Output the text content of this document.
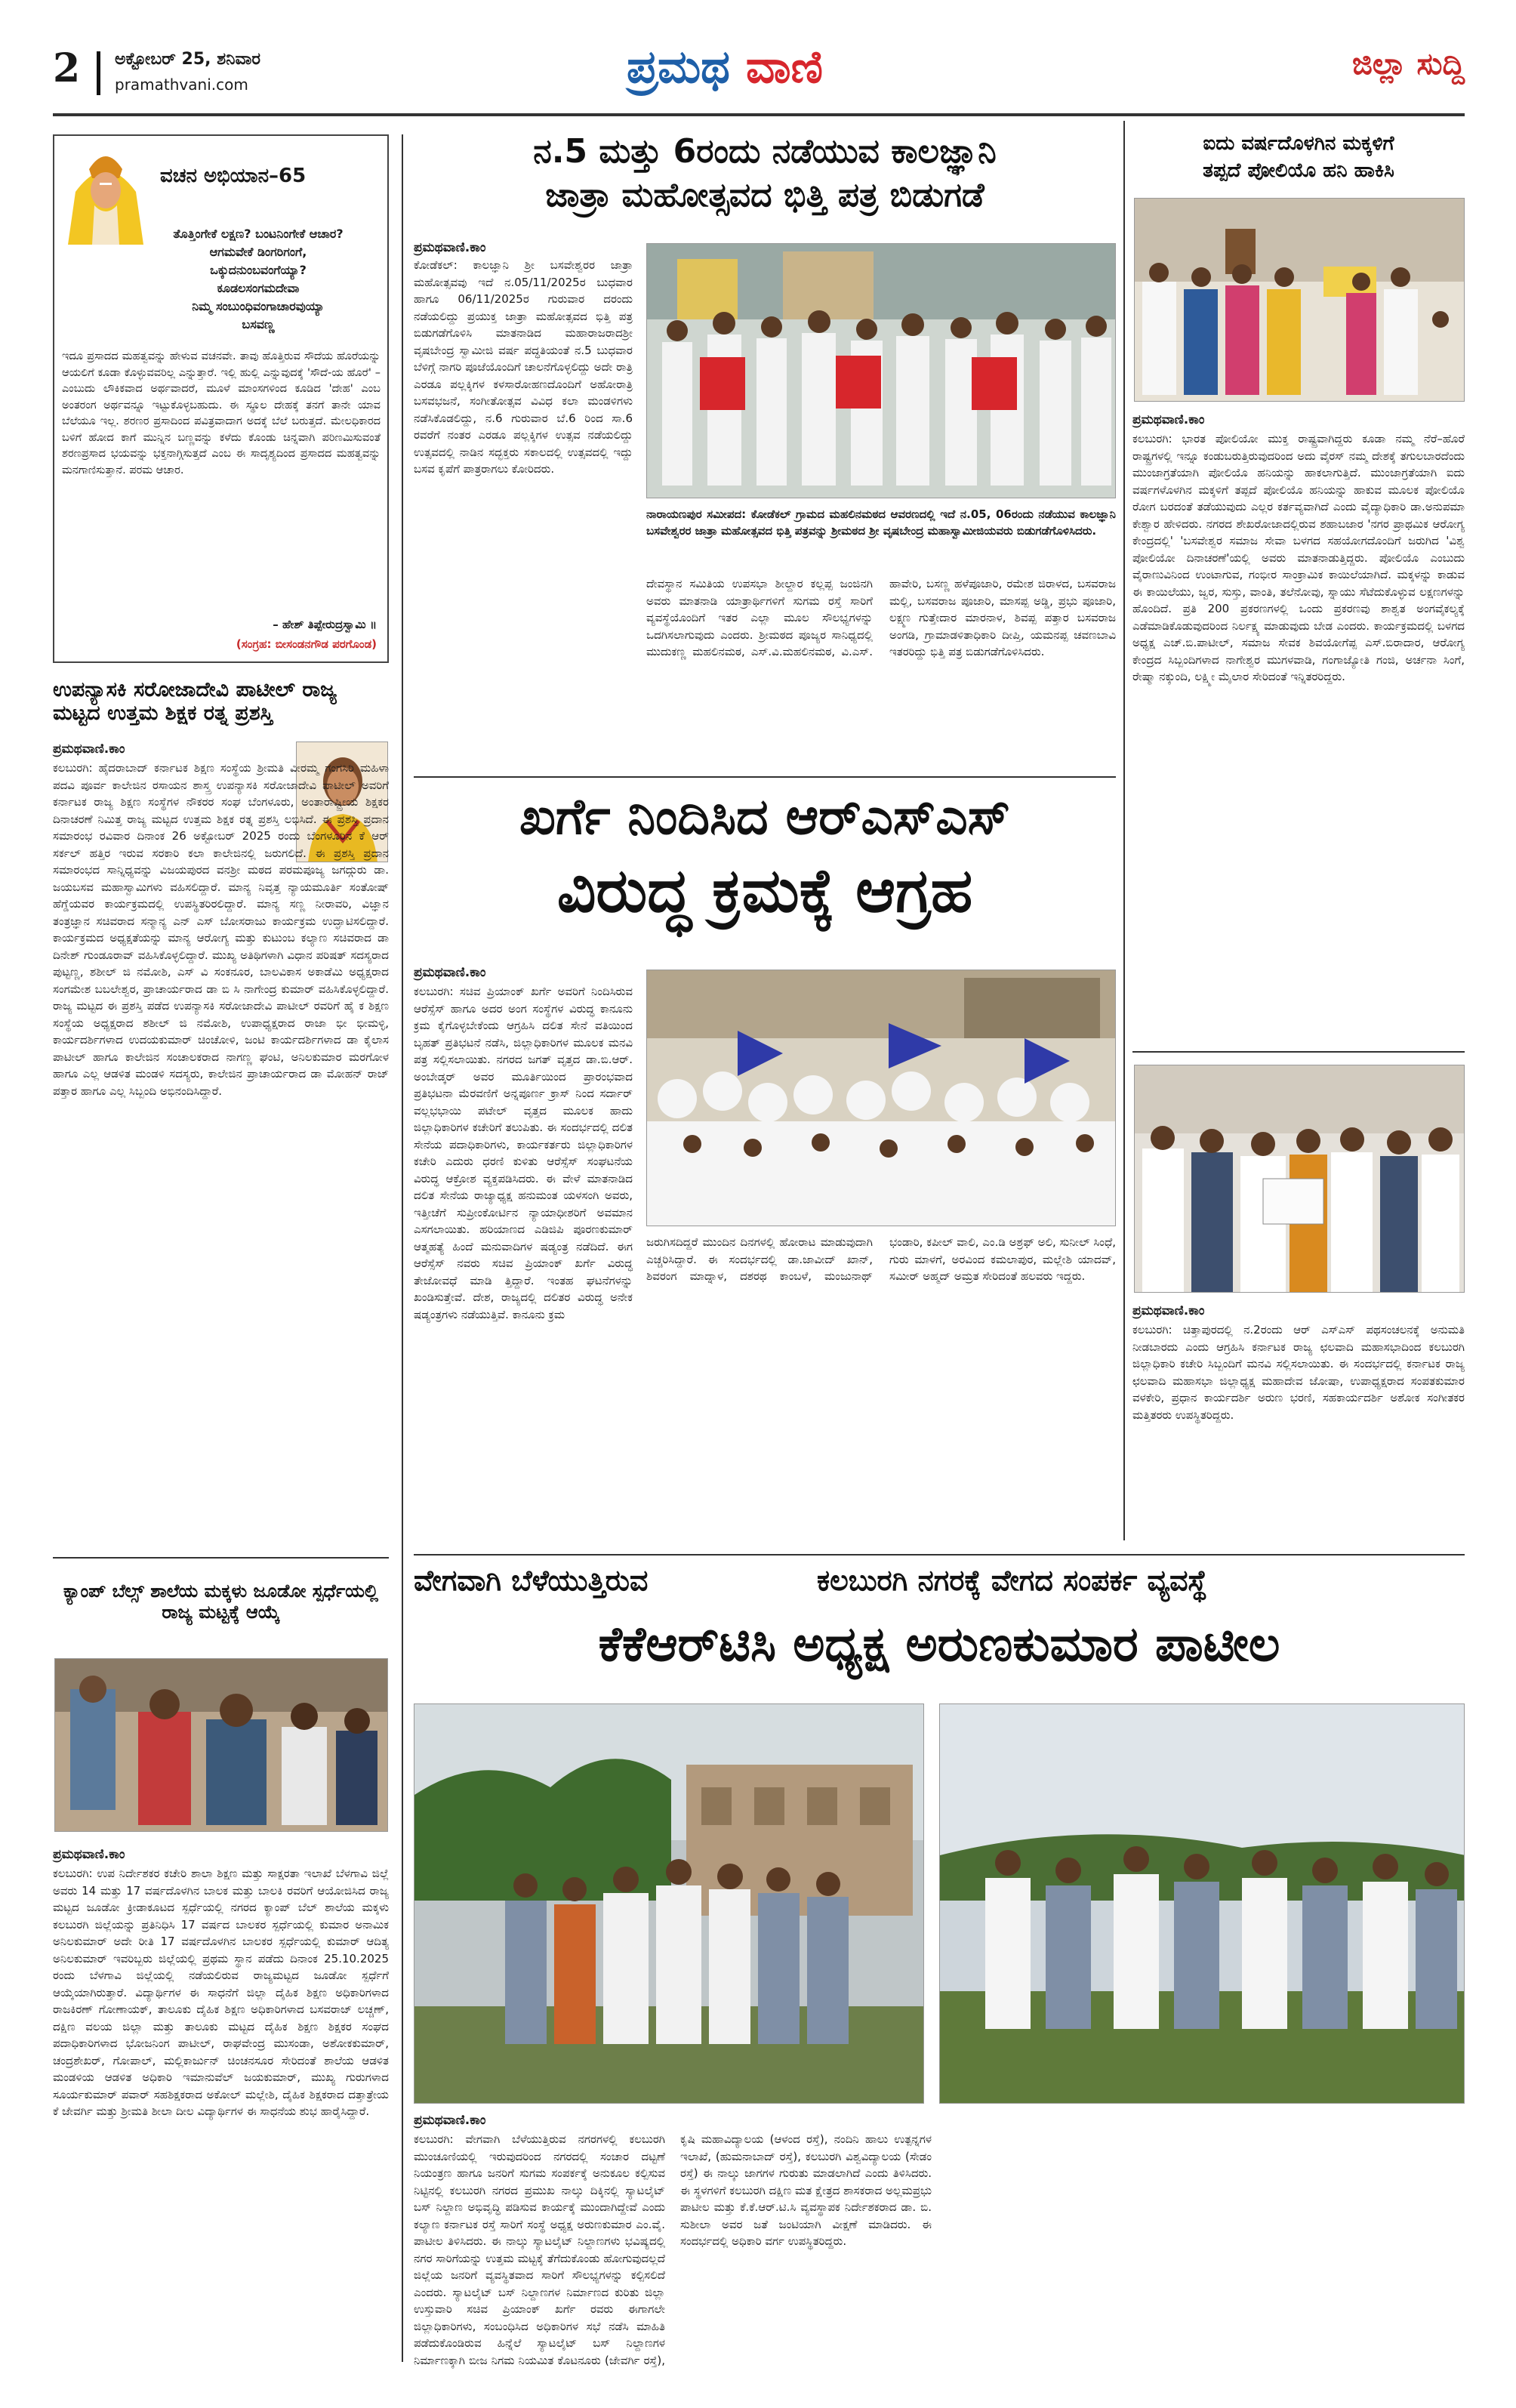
2 ಅಕ್ಟೋಬರ್ 25, ಶನಿವಾರ
pramathvani.com	ಪ್ರಮಥ ವಾಣಿ	ಜಿಲ್ಲಾ ಸುದ್ದಿ
ವಚನ ಅಭಿಯಾನ–65
ತೊತ್ತಿಂಗೇಕೆ ಲಕ್ಷಣ? ಬಂಟನಿಂಗೇಕೆ ಆಚಾರ?
ಆಗಮವೇಕೆ ಡಿಂಗರಿಗಂಗೆ,
ಒಕ್ಕುದನುಂಬವಂಗೆಯ್ಯಾ?
ಕೂಡಲಸಂಗಮದೇವಾ
ನಿಮ್ಮ ಸಂಬುಂಧಿವಂಗಾಚಾರವುಯ್ಯಾ
ಬಸವಣ್ಣ
ಇದೂ ಪ್ರಸಾದದ ಮಹತ್ವವನ್ನು ಹೇಳುವ ವಚನವೇ. ತಾವು ಹೊತ್ತಿರುವ ಸೌದೆಯ ಹೊರೆಯನ್ನು ಆಯಲಿಗೆ ಕೂಡಾ ಕೊಳ್ಳುವವರಿಲ್ಲ ಎನ್ನುತ್ತಾರೆ. ಇಲ್ಲಿ ಹುಲ್ಲಿ ಎನ್ನುವುದಕ್ಕೆ 'ಸೌದೆ-ಯ ಹೊರೆ' – ಎಂಬುದು ಲೌಕಿಕವಾದ ಅರ್ಥವಾದರೆ, ಮೂಳೆ ಮಾಂಸಗಳಿಂದ ಕೂಡಿದ 'ದೇಹ' ಎಂಬ ಅಂತರಂಗ ಅರ್ಥವನ್ನೂ ಇಟ್ಟುಕೊಳ್ಳಬಹುದು. ಈ ಸ್ಥೂಲ ದೇಹಕ್ಕೆ ತನಗೆ ತಾನೇ ಯಾವ ಬೆಲೆಯೂ ಇಲ್ಲ. ಶರಣರ ಪ್ರಸಾದಿಂದ ಪವಿತ್ರವಾದಾಗ ಅದಕ್ಕೆ ಬೆಲೆ ಬರುತ್ತದೆ. ಮೇಲಧಿಕಾರದ ಬಳಿಗೆ ಹೋದ ಕಾಗೆ ಮುನ್ನಿನ ಬಣ್ಣವನ್ನು ಕಳೆದು ಕೊಂಡು ಚಿನ್ನವಾಗಿ ಪರಿಣಮಿಸುವಂತೆ ಶರಣಪ್ರಸಾದ ಭಯವನ್ನು ಭಕ್ತನಾಗ್ಗಿಸುತ್ತದೆ ಎಂಬ ಈ ಸಾದೃಶ್ಯದಿಂದ ಪ್ರಸಾದದ ಮಹತ್ವವನ್ನು ಮನಗಾಣಿಸುತ್ತಾನೆ. ಪರಮ ಆಚಾರ.
– ಹೇಶ್ ತಿಪ್ಪೇರುದ್ರಸ್ವಾಮಿ ॥
(ಸಂಗ್ರಹ: ಬೀಸಂಡನಗೌಡ ಪರಗೊಂಡ)
ಉಪನ್ಯಾಸಕಿ ಸರೋಜಾದೇವಿ ಪಾಟೀಲ್ ರಾಜ್ಯ ಮಟ್ಟದ ಉತ್ತಮ ಶಿಕ್ಷಕ ರತ್ನ ಪ್ರಶಸ್ತಿ
ಪ್ರಮಥವಾಣಿ.ಕಾಂ
ಕಲಬುರಗಿ: ಹೈದರಾಬಾದ್ ಕರ್ನಾಟಕ ಶಿಕ್ಷಣ ಸಂಸ್ಥೆಯ ಶ್ರೀಮತಿ ವೀರಮ್ಮ ಗಂಗಸಿರಿ ಮಹಿಳಾ ಪದವಿ ಪೂರ್ವ ಕಾಲೇಜಿನ ರಸಾಯನ ಶಾಸ್ತ್ರ ಉಪನ್ಯಾಸಕಿ ಸರೋಜಾದೇವಿ ಪಾಟೀಲ್ ಅವರಿಗೆ ಕರ್ನಾಟಕ ರಾಜ್ಯ ಶಿಕ್ಷಣ ಸಂಸ್ಥೆಗಳ ನೌಕರರ ಸಂಘ ಬೆಂಗಳೂರು, ಅಂತಾರಾಷ್ಟ್ರೀಯ ಶಿಕ್ಷಕರ ದಿನಾಚರಣೆ ನಿಮಿತ್ತ ರಾಜ್ಯ ಮಟ್ಟದ ಉತ್ತಮ ಶಿಕ್ಷಕ ರತ್ನ ಪ್ರಶಸ್ತಿ ಲಭಿಸಿದೆ. ಈ ಪ್ರಶಸ್ತಿ ಪ್ರದಾನ ಸಮಾರಂಭ ರವಿವಾರ ದಿನಾಂಕ 26 ಅಕ್ಟೋಬರ್ 2025 ರಂದು ಬೆಂಗಳೂರಿನ ಕೆ ಆರ್ ಸರ್ಕಲ್ ಹತ್ತಿರ ಇರುವ ಸರಕಾರಿ ಕಲಾ ಕಾಲೇಜಿನಲ್ಲಿ ಜರುಗಲಿದೆ. ಈ ಪ್ರಶಸ್ತಿ ಪ್ರದಾನ ಸಮಾರಂಭದ ಸಾನ್ನಿಧ್ಯವನ್ನು ವಿಜಯಪುರದ ವನಶ್ರೀ ಮಠದ ಪರಮಪೂಜ್ಯ ಜಗದ್ಗುರು ಡಾ. ಜಯಬಸವ ಮಹಾಸ್ವಾಮಿಗಳು ವಹಿಸಲಿದ್ದಾರೆ. ಮಾನ್ಯ ನಿವೃತ್ತ ನ್ಯಾಯಮೂರ್ತಿ ಸಂತೋಷ್ ಹೆಗ್ಡೆಯವರ ಕಾರ್ಯಕ್ರಮದಲ್ಲಿ ಉಪಸ್ಥಿತರಿರಲಿದ್ದಾರೆ. ಮಾನ್ಯ ಸಣ್ಣ ನೀರಾವರಿ, ವಿಜ್ಞಾನ ತಂತ್ರಜ್ಞಾನ ಸಚಿವರಾದ ಸನ್ಮಾನ್ಯ ಎನ್ ಎಸ್ ಬೋಸರಾಜು ಕಾರ್ಯಕ್ರಮ ಉದ್ಘಾಟಿಸಲಿದ್ದಾರೆ. ಕಾರ್ಯಕ್ರಮದ ಅಧ್ಯಕ್ಷತೆಯನ್ನು ಮಾನ್ಯ ಆರೋಗ್ಯ ಮತ್ತು ಕುಟುಂಬ ಕಲ್ಯಾಣ ಸಚಿವರಾದ ಡಾ ದಿನೇಶ್ ಗುಂಡೂರಾವ್ ವಹಿಸಿಕೊಳ್ಳಲಿದ್ದಾರೆ. ಮುಖ್ಯ ಅತಿಥಿಗಳಾಗಿ ವಿಧಾನ ಪರಿಷತ್ ಸದಸ್ಯರಾದ ಪುಟ್ಟಣ್ಣ, ಶಶೀಲ್ ಜಿ ನಮೋಶಿ, ಎಸ್ ವಿ ಸಂಕನೂರ, ಬಾಲವಿಕಾಸ ಅಕಾಡೆಮಿ ಅಧ್ಯಕ್ಷರಾದ ಸಂಗಮೇಶ ಬಬಲೇಶ್ವರ, ಪ್ರಾಚಾರ್ಯರಾದ ಡಾ ಬಿ ಸಿ ನಾಗೇಂದ್ರ ಕುಮಾರ್ ವಹಿಸಿಕೊಳ್ಳಲಿದ್ದಾರೆ. ರಾಜ್ಯ ಮಟ್ಟದ ಈ ಪ್ರಶಸ್ತಿ ಪಡೆದ ಉಪನ್ಯಾಸಕಿ ಸರೋಜಾದೇವಿ ಪಾಟೀಲ್ ರವರಿಗೆ ಹೈ ಕ ಶಿಕ್ಷಣ ಸಂಸ್ಥೆಯ ಅಧ್ಯಕ್ಷರಾದ ಶಶೀಲ್ ಜಿ ನಮೋಶಿ, ಉಪಾಧ್ಯಕ್ಷರಾದ ರಾಜಾ ಭೀ ಭೀಮಳ್ಳಿ, ಕಾರ್ಯದರ್ಶಿಗಳಾದ ಉದಯಕುಮಾರ್ ಚಿಂಚೋಳಿ, ಜಂಟಿ ಕಾರ್ಯದರ್ಶಿಗಳಾದ ಡಾ ಕೈಲಾಸ ಪಾಟೀಲ್ ಹಾಗೂ ಕಾಲೇಜಿನ ಸಂಚಾಲಕರಾದ ನಾಗಣ್ಣ ಘಂಟಿ, ಅನಿಲಕುಮಾರ ಮರಗೋಳ ಹಾಗೂ ಎಲ್ಲ ಆಡಳಿತ ಮಂಡಳಿ ಸದಸ್ಯರು, ಕಾಲೇಜಿನ ಪ್ರಾಚಾರ್ಯರಾದ ಡಾ ಮೋಹನ್ ರಾಜ್ ಪತ್ತಾರ ಹಾಗೂ ಎಲ್ಲ ಸಿಬ್ಬಂದಿ ಅಭಿನಂದಿಸಿದ್ದಾರೆ.
ಕ್ಯಾಂಪ್ ಬೆಲ್ಸ್ ಶಾಲೆಯ ಮಕ್ಕಳು ಜೂಡೋ ಸ್ಪರ್ಧೆಯಲ್ಲಿ ರಾಜ್ಯ ಮಟ್ಟಕ್ಕೆ ಆಯ್ಕೆ
ಪ್ರಮಥವಾಣಿ.ಕಾಂ
ಕಲಬುರಗಿ: ಉಪ ನಿರ್ದೇಶಕರ ಕಚೇರಿ ಶಾಲಾ ಶಿಕ್ಷಣ ಮತ್ತು ಸಾಕ್ಷರತಾ ಇಲಾಖೆ ಬೆಳಗಾವಿ ಜಿಲ್ಲೆ ಅವರು 14 ಮತ್ತು 17 ವರ್ಷದೊಳಗಿನ ಬಾಲಕ ಮತ್ತು ಬಾಲಕಿ ರವರಿಗೆ ಆಯೋಜಿಸಿದ ರಾಜ್ಯ ಮಟ್ಟದ ಜೂಡೋ ಕ್ರೀಡಾಕೂಟದ ಸ್ಪರ್ಧೆಯಲ್ಲಿ ನಗರದ ಕ್ಯಾಂಪ್ ಬೆಲ್ ಶಾಲೆಯ ಮಕ್ಕಳು ಕಲಬುರಗಿ ಜಿಲ್ಲೆಯನ್ನು ಪ್ರತಿನಿಧಿಸಿ 17 ವರ್ಷದ ಬಾಲಕರ ಸ್ಪರ್ಧೆಯಲ್ಲಿ ಕುಮಾರ ಅನಾಮಿಕ ಅನಿಲಕುಮಾರ್ ಅದೇ ರೀತಿ 17 ವರ್ಷದೊಳಗಿನ ಬಾಲಕರ ಸ್ಪರ್ಧೆಯಲ್ಲಿ ಕುಮಾರ್ ಆದಿತ್ಯ ಅನಿಲಕುಮಾರ್ ಇವರಿಬ್ಬರು ಜಿಲ್ಲೆಯಲ್ಲಿ ಪ್ರಥಮ ಸ್ಥಾನ ಪಡೆದು ದಿನಾಂಕ 25.10.2025 ರಂದು ಬೆಳಗಾವಿ ಜಿಲ್ಲೆಯಲ್ಲಿ ನಡೆಯಲಿರುವ ರಾಜ್ಯಮಟ್ಟದ ಜೂಡೋ ಸ್ಪರ್ಧೆಗೆ ಆಯ್ಕೆಯಾಗಿರುತ್ತಾರೆ. ವಿದ್ಯಾರ್ಥಿಗಳ ಈ ಸಾಧನೆಗೆ ಜಿಲ್ಲಾ ದೈಹಿಕ ಶಿಕ್ಷಣ ಅಧಿಕಾರಿಗಳಾದ ರಾಜಕಿರಣ್ ಗೋಣಾಯಕ್, ತಾಲೂಕು ದೈಹಿಕ ಶಿಕ್ಷಣ ಅಧಿಕಾರಿಗಳಾದ ಬಸವರಾಜ್ ಲಚ್ಚಣ್, ದಕ್ಷಿಣ ವಲಯ ಜಿಲ್ಲಾ ಮತ್ತು ತಾಲೂಕು ಮಟ್ಟದ ದೈಹಿಕ ಶಿಕ್ಷಣ ಶಿಕ್ಷಕರ ಸಂಘದ ಪದಾಧಿಕಾರಿಗಳಾದ ಭೋಜನಿಂಗ ಪಾಟೀಲ್, ರಾಘವೇಂದ್ರ ಮುಸಂಡಾ, ಅಶೋಕಕುಮಾರ್, ಚಂದ್ರಶೇಖರ್, ಗೋಪಾಲ್, ಮಲ್ಲಿಕಾರ್ಜುನ್ ಚಿಂಚನಸೂರ ಸೇರಿದಂತೆ ಶಾಲೆಯ ಆಡಳಿತ ಮಂಡಳಿಯ ಆಡಳಿತ ಅಧಿಕಾರಿ ಇಮಾನುವೆಲ್ ಜಯಕುಮಾರ್, ಮುಖ್ಯ ಗುರುಗಳಾದ ಸೂರ್ಯಕುಮಾರ್ ಪವಾರ್ ಸಹಶಿಕ್ಷಕರಾದ ಅಕೋಲ್ ಮಲ್ಲೇಶಿ, ದೈಹಿಕ ಶಿಕ್ಷಕರಾದ ದತ್ತಾತ್ರೇಯ ಕೆ ಜೇವರ್ಗಿ ಮತ್ತು ಶ್ರೀಮತಿ ಶೀಲಾ ದೀಲ ವಿದ್ಯಾರ್ಥಿಗಳ ಈ ಸಾಧನೆಯ ಶುಭ ಹಾರೈಸಿದ್ದಾರೆ.
ನ.5 ಮತ್ತು 6ರಂದು ನಡೆಯುವ ಕಾಲಜ್ಞಾನಿ
ಜಾತ್ರಾ ಮಹೋತ್ಸವದ ಭಿತ್ತಿ ಪತ್ರ ಬಿಡುಗಡೆ
ಪ್ರಮಥವಾಣಿ.ಕಾಂ
ಕೋಡೆಕಲ್: ಕಾಲಜ್ಞಾನಿ ಶ್ರೀ ಬಸವೇಶ್ವರರ ಜಾತ್ರಾ ಮಹೋತ್ಸವವು ಇದೆ ನ.05/11/2025ರ ಬುಧವಾರ ಹಾಗೂ 06/11/2025ರ ಗುರುವಾರ ದರಂದು ನಡೆಯಲಿದ್ದು ಪ್ರಯುಕ್ತ ಜಾತ್ರಾ ಮಹೋತ್ಸವದ ಭಿತ್ತಿ ಪತ್ರ ಬಿಡುಗಡೆಗೊಳಿಸಿ ಮಾತನಾಡಿದ ಮಹಾರಾಜರಾದಶ್ರೀ ವೃಷಬೇಂದ್ರ ಸ್ವಾಮೀಜಿ ವರ್ಷ ಪದ್ಧತಿಯಂತೆ ನ.5 ಬುಧವಾರ ಬೆಳಿಗ್ಗೆ ನಾಗರಿ ಪೂಜೆಯೊಂದಿಗೆ ಚಾಲನೆಗೊಳ್ಳಲಿದ್ದು ಅದೇ ರಾತ್ರಿ ಎರಡೂ ಪಲ್ಲಕ್ಕಿಗಳ ಕಳಸಾರೋಹಣದೊಂದಿಗೆ ಅಹೋರಾತ್ರಿ ಬಸವಭಜನೆ, ಸಂಗೀತೋತ್ಸವ ವಿವಿಧ ಕಲಾ ಮಂಡಳಿಗಳು ನಡೆಸಿಕೊಡಲಿದ್ದು, ನ.6 ಗುರುವಾರ ಬೆ.6 ರಿಂದ ಸಾ.6 ರವರೆಗೆ ನಂತರ ಎರಡೂ ಪಲ್ಲಕ್ಕಿಗಳ ಉತ್ಸವ ನಡೆಯಲಿದ್ದು ಉತ್ಸವದಲ್ಲಿ ನಾಡಿನ ಸದ್ಭಕ್ತರು ಸಕಾಲದಲ್ಲಿ ಉತ್ಸವದಲ್ಲಿ ಇದ್ದು ಬಸವ ಕೃಪೆಗೆ ಪಾತ್ರರಾಗಲು ಕೋರಿದರು.
ನಾರಾಯಣಪುರ ಸಮೀಪದ: ಕೋಡೆಕಲ್ ಗ್ರಾಮದ ಮಹಲಿನಮಠದ ಆವರಣದಲ್ಲಿ ಇದೆ ನ.05, 06ರಂದು ನಡೆಯುವ ಕಾಲಜ್ಞಾನಿ ಬಸವೇಶ್ವರರ ಜಾತ್ರಾ ಮಹೋತ್ಸವದ ಭಿತ್ತಿ ಪತ್ರವನ್ನು ಶ್ರೀಮಠದ ಶ್ರೀ ವೃಷಬೇಂದ್ರ ಮಹಾಸ್ವಾಮೀಜಿಯವರು ಬಿಡುಗಡೆಗೊಳಿಸಿದರು.
ದೇವಸ್ಥಾನ ಸಮಿತಿಯ ಉಪಸಭಾ ಶೀಲ್ದಾರ ಕಲ್ಲಪ್ಪ ಜಂಜಿನಗಿ ಅವರು ಮಾತನಾಡಿ ಯಾತ್ರಾರ್ಥಿಗಳಿಗೆ ಸುಗಮ ರಸ್ತೆ ಸಾರಿಗೆ ವ್ಯವಸ್ಥೆಯೊಂದಿಗೆ ಇತರ ಎಲ್ಲಾ ಮೂಲ ಸೌಲಭ್ಯಗಳನ್ನು ಒದಗಿಸಲಾಗುವುದು ಎಂದರು. ಶ್ರೀಮಠದ ಪೂಜ್ಯರ ಸಾನಿಧ್ಯದಲ್ಲಿ ಮುದುಕಣ್ಣ ಮಹಲಿನಮಠ, ಎಸ್.ವಿ.ಮಹಲಿನಮಠ, ವಿ.ಎಸ್. ಹಾವೇರಿ, ಬಸಣ್ಣ ಹಳೆಪೂಜಾರಿ, ರಮೇಶ ಜಿರಾಳದ, ಬಸವರಾಜ ಮಲ್ಲಿ, ಬಸವರಾಜ ಪೂಜಾರಿ, ಮಾಸಪ್ಪ ಅಡ್ಡಿ, ಪ್ರಭು ಪೂಜಾರಿ, ಲಕ್ಷ್ಮಣ ಗುತ್ತೇದಾರ ಮಾರನಾಳ, ಶಿವಪ್ಪ ಪತ್ತಾರ ಬಸವರಾಜ ಅಂಗಡಿ, ಗ್ರಾಮಾಡಳಿತಾಧಿಕಾರಿ ದೀಪ್ತಿ, ಯಮನಪ್ಪ ಚವಣಬಾವಿ ಇತರರಿದ್ದು ಭಿತ್ತಿ ಪತ್ರ ಬಿಡುಗಡೆಗೊಳಿಸಿದರು.
ಖರ್ಗೆ ನಿಂದಿಸಿದ ಆರ್‌ಎಸ್‌ಎಸ್
ವಿರುದ್ಧ ಕ್ರಮಕ್ಕೆ ಆಗ್ರಹ
ಪ್ರಮಥವಾಣಿ.ಕಾಂ
ಕಲಬುರಗಿ: ಸಚಿವ ಪ್ರಿಯಾಂಕ್ ಖರ್ಗೆ ಅವರಿಗೆ ನಿಂದಿಸಿರುವ ಆರೆಸ್ಸೆಸ್ ಹಾಗೂ ಅದರ ಅಂಗ ಸಂಸ್ಥೆಗಳ ವಿರುದ್ಧ ಕಾನೂನು ಕ್ರಮ ಕೈಗೊಳ್ಳಬೇಕೆಂದು ಆಗ್ರಹಿಸಿ ದಲಿತ ಸೇನೆ ವತಿಯಿಂದ ಬೃಹತ್ ಪ್ರತಿಭಟನೆ ನಡೆಸಿ, ಜಿಲ್ಲಾಧಿಕಾರಿಗಳ ಮೂಲಕ ಮನವಿ ಪತ್ರ ಸಲ್ಲಿಸಲಾಯಿತು. ನಗರದ ಜಗತ್ ವೃತ್ತದ ಡಾ.ಬಿ.ಆರ್. ಅಂಬೇಡ್ಕರ್ ಅವರ ಮೂರ್ತಿಯಿಂದ ಪ್ರಾರಂಭವಾದ ಪ್ರತಿಭಟನಾ ಮೆರವಣಿಗೆ ಅನ್ನಪೂರ್ಣ ಕ್ರಾಸ್ ನಿಂದ ಸರ್ದಾರ್ ವಲ್ಲಭಭಾಯಿ ಪಟೇಲ್ ವೃತ್ತದ ಮೂಲಕ ಹಾದು ಜಿಲ್ಲಾಧಿಕಾರಿಗಳ ಕಚೇರಿಗೆ ತಲುಪಿತು. ಈ ಸಂದರ್ಭದಲ್ಲಿ ದಲಿತ ಸೇನೆಯ ಪದಾಧಿಕಾರಿಗಳು, ಕಾರ್ಯಕರ್ತರು ಜಿಲ್ಲಾಧಿಕಾರಿಗಳ ಕಚೇರಿ ಎದುರು ಧರಣಿ ಕುಳಿತು ಆರೆಸ್ಸೆಸ್ ಸಂಘಟನೆಯ ವಿರುದ್ಧ ಆಕ್ರೋಶ ವ್ಯಕ್ತಪಡಿಸಿದರು. ಈ ವೇಳೆ ಮಾತನಾಡಿದ ದಲಿತ ಸೇನೆಯ ರಾಜ್ಯಾಧ್ಯಕ್ಷ ಹನುಮಂತ ಯಳಸಂಗಿ ಅವರು, ಇತ್ತೀಚೆಗೆ ಸುಪ್ರೀಂಕೋರ್ಟಿನ ನ್ಯಾಯಾಧೀಶರಿಗೆ ಅವಮಾನ ಎಸಗಲಾಯಿತು. ಹರಿಯಾಣದ ಎಡಿಜಿಪಿ ಪೂರಣಕುಮಾರ್ ಆತ್ಮಹತ್ಯೆ ಹಿಂದೆ ಮನುವಾದಿಗಳ ಷಡ್ಯಂತ್ರ ನಡೆದಿದೆ. ಈಗ ಆರೆಸ್ಸೆಸ್ ನವರು ಸಚಿವ ಪ್ರಿಯಾಂಕ್ ಖರ್ಗೆ ವಿರುದ್ಧ ತೇಜೋವಧೆ ಮಾಡಿ ತ್ತಿದ್ದಾರೆ. ಇಂತಹ ಘಟನೆಗಳನ್ನು ಖಂಡಿಸುತ್ತೇವೆ. ದೇಶ, ರಾಜ್ಯದಲ್ಲಿ ದಲಿತರ ವಿರುದ್ಧ ಅನೇಕ ಷಡ್ಯಂತ್ರಗಳು ನಡೆಯುತ್ತಿವೆ. ಕಾನೂನು ಕ್ರಮ
ಜರುಗಿಸದಿದ್ದರೆ ಮುಂದಿನ ದಿನಗಳಲ್ಲಿ ಹೋರಾಟ ಮಾಡುವುದಾಗಿ ಎಚ್ಚರಿಸಿದ್ದಾರೆ. ಈ ಸಂದರ್ಭದಲ್ಲಿ ಡಾ.ಜಾವೀದ್ ಖಾನ್, ಶಿವರಂಗ ಮಾದ್ನಾಳ, ದಶರಥ ಕಾಂಬಳೆ, ಮಂಜುನಾಥ್ ಭಂಡಾರಿ, ಕಪೀಲ್ ವಾಲಿ, ಎಂ.ಡಿ ಅಶ್ರಫ್ ಅಲಿ, ಸುನೀಲ್ ಸಿಂಧೆ, ಗುರು ಮಾಳಗೆ, ಅರವಿಂದ ಕಮಲಾಪುರ, ಮಲ್ಲೇಶಿ ಯಾದವ್, ಸಮೀರ್ ಅಹ್ಮದ್ ಅಮ್ರತ ಸೇರಿದಂತೆ ಹಲವರು ಇದ್ದರು.
ಐದು ವರ್ಷದೊಳಗಿನ ಮಕ್ಕಳಿಗೆ
ತಪ್ಪದೆ ಪೋಲಿಯೊ ಹನಿ ಹಾಕಿಸಿ
ಪ್ರಮಥವಾಣಿ.ಕಾಂ
ಕಲಬುರಗಿ: ಭಾರತ ಪೋಲಿಯೋ ಮುಕ್ತ ರಾಷ್ಟ್ರವಾಗಿದ್ದರು ಕೂಡಾ ನಮ್ಮ ನೆರೆ–ಹೊರೆ ರಾಷ್ಟ್ರಗಳಲ್ಲಿ ಇನ್ನೂ ಕಂಡುಬರುತ್ತಿರುವುದರಿಂದ ಅದು ವೈರಸ್ ನಮ್ಮ ದೇಶಕ್ಕೆ ತಗುಲಬಾರದೆಂದು ಮುಂಜಾಗ್ರತೆಯಾಗಿ ಪೋಲಿಯೊ ಹನಿಯನ್ನು ಹಾಕಲಾಗುತ್ತಿದೆ. ಮುಂಜಾಗ್ರತೆಯಾಗಿ ಐದು ವರ್ಷಗಳೊಳಗಿನ ಮಕ್ಕಳಿಗೆ ತಪ್ಪದೆ ಪೋಲಿಯೊ ಹನಿಯನ್ನು ಹಾಕುವ ಮೂಲಕ ಪೋಲಿಯೊ ರೋಗ ಬರದಂತೆ ತಡೆಯುವುದು ಎಲ್ಲರ ಕರ್ತವ್ಯವಾಗಿದೆ ಎಂದು ವೈದ್ಯಾಧಿಕಾರಿ ಡಾ.ಅನುಪಮಾ ಕೇಶ್ವಾರ ಹೇಳಿದರು. ನಗರದ ಶೇಖರೋಜಾದಲ್ಲಿರುವ ಶಹಾಬಜಾರ 'ನಗರ ಪ್ರಾಥಮಿಕ ಆರೋಗ್ಯ ಕೇಂದ್ರದಲ್ಲಿ' 'ಬಸವೇಶ್ವರ ಸಮಾಜ ಸೇವಾ ಬಳಗದ ಸಹಯೋಗದೊಂದಿಗೆ ಜರುಗಿದ 'ವಿಶ್ವ ಪೋಲಿಯೋ ದಿನಾಚರಣೆ'ಯಲ್ಲಿ ಅವರು ಮಾತನಾಡುತ್ತಿದ್ದರು. ಪೋಲಿಯೊ ಎಂಬುದು ವೈರಾಣುವಿನಿಂದ ಉಂಟಾಗುವ, ಗಂಭೀರ ಸಾಂಕ್ರಾಮಿಕ ಕಾಯಿಲೆಯಾಗಿದೆ. ಮಕ್ಕಳನ್ನು ಕಾಡುವ ಈ ಕಾಯಿಲೆಯು, ಜ್ವರ, ಸುಸ್ತು, ವಾಂತಿ, ತಲೆನೋವು, ಸ್ನಾಯು ಸೆಟೆದುಕೊಳ್ಳುವ ಲಕ್ಷಣಗಳನ್ನು ಹೊಂದಿದೆ. ಪ್ರತಿ 200 ಪ್ರಕರಣಗಳಲ್ಲಿ ಒಂದು ಪ್ರಕರಣವು ಶಾಶ್ವತ ಅಂಗವೈಕಲ್ಯಕ್ಕೆ ಎಡೆಮಾಡಿಕೊಡುವುದರಿಂದ ನಿರ್ಲಕ್ಷ್ಯ ಮಾಡುವುದು ಬೇಡ ಎಂದರು. ಕಾರ್ಯಕ್ರಮದಲ್ಲಿ ಬಳಗದ ಅಧ್ಯಕ್ಷ ಎಚ್.ಬಿ.ಪಾಟೀಲ್, ಸಮಾಜ ಸೇವಕ ಶಿವಯೋಗೆಪ್ಪ ಎಸ್.ಬಿರಾದಾರ, ಆರೋಗ್ಯ ಕೇಂದ್ರದ ಸಿಬ್ಬಂದಿಗಳಾದ ನಾಗೇಶ್ವರ ಮುಗಳವಾಡಿ, ಗಂಗಾಜ್ಯೋತಿ ಗಂಜಿ, ಅರ್ಚನಾ ಸಿಂಗೆ, ರೇಷ್ಮಾ ನಕ್ಕುಂದಿ, ಲಕ್ಷ್ಮೀ ಮೈಲಾರ ಸೇರಿದಂತೆ ಇನ್ನಿತರರಿದ್ದರು.
ಪ್ರಮಥವಾಣಿ.ಕಾಂ
ಕಲಬುರಗಿ: ಚಿತ್ತಾಪುರದಲ್ಲಿ ನ.2ರಂದು ಆರ್ ಎಸ್‌ಎಸ್ ಪಥಸಂಚಲನಕ್ಕೆ ಅನುಮತಿ ನೀಡಬಾರದು ಎಂದು ಆಗ್ರಹಿಸಿ ಕರ್ನಾಟಕ ರಾಜ್ಯ ಛಲವಾದಿ ಮಹಾಸಭಾದಿಂದ ಕಲಬುರಗಿ ಜಿಲ್ಲಾಧಿಕಾರಿ ಕಚೇರಿ ಸಿಬ್ಬಂದಿಗೆ ಮನವಿ ಸಲ್ಲಿಸಲಾಯಿತು. ಈ ಸಂದರ್ಭದಲ್ಲಿ ಕರ್ನಾಟಕ ರಾಜ್ಯ ಛಲವಾದಿ ಮಹಾಸಭಾ ಜಿಲ್ಲಾಧ್ಯಕ್ಷ ಮಹಾದೇವ ಜೋಷಾ, ಉಪಾಧ್ಯಕ್ಷರಾದ ಸಂಪತಕುಮಾರ ವಳಕೇರಿ, ಪ್ರಧಾನ ಕಾರ್ಯದರ್ಶಿ ಅರುಣ ಭರಣಿ, ಸಹಕಾರ್ಯದರ್ಶಿ ಅಶೋಕ ಸಂಗೀತಕರ ಮತ್ತಿತರರು ಉಪಸ್ಥಿತರಿದ್ದರು.
ವೇಗವಾಗಿ ಬೆಳೆಯುತ್ತಿರುವ	ಕಲಬುರಗಿ ನಗರಕ್ಕೆ ವೇಗದ ಸಂಪರ್ಕ ವ್ಯವಸ್ಥೆ
ಕೆಕೆಆರ್‌ಟಿಸಿ ಅಧ್ಯಕ್ಷ ಅರುಣಕುಮಾರ ಪಾಟೀಲ
ಪ್ರಮಥವಾಣಿ.ಕಾಂ
ಕಲಬುರಗಿ: ವೇಗವಾಗಿ ಬೆಳೆಯುತ್ತಿರುವ ನಗರಗಳಲ್ಲಿ ಕಲಬುರಗಿ ಮುಂಚೂಣಿಯಲ್ಲಿ ಇರುವುದರಿಂದ ನಗರದಲ್ಲಿ ಸಂಚಾರ ದಟ್ಟಣೆ ನಿಯಂತ್ರಣ ಹಾಗೂ ಜನರಿಗೆ ಸುಗಮ ಸಂಪರ್ಕಕ್ಕೆ ಅನುಕೂಲ ಕಲ್ಪಿಸುವ ನಿಟ್ಟಿನಲ್ಲಿ ಕಲಬುರಗಿ ನಗರದ ಪ್ರಮುಖ ನಾಲ್ಕು ದಿಕ್ಕಿನಲ್ಲಿ ಸ್ಯಾಟಲೈಟ್ ಬಸ್ ನಿಲ್ದಾಣ ಅಭಿವೃದ್ಧಿ ಪಡಿಸುವ ಕಾರ್ಯಕ್ಕೆ ಮುಂದಾಗಿದ್ದೇವೆ ಎಂದು ಕಲ್ಯಾಣ ಕರ್ನಾಟಕ ರಸ್ತೆ ಸಾರಿಗೆ ಸಂಸ್ಥೆ ಅಧ್ಯಕ್ಷ ಅರುಣಕುಮಾರ ಎಂ.ವೈ. ಪಾಟೀಲ ತಿಳಿಸಿದರು. ಈ ನಾಲ್ಕು ಸ್ಯಾಟಲೈಟ್ ನಿಲ್ದಾಣಗಳು ಭವಿಷ್ಯದಲ್ಲಿ ನಗರ ಸಾರಿಗೆಯನ್ನು ಉತ್ತಮ ಮಟ್ಟಕ್ಕೆ ತೆಗೆದುಕೊಂಡು ಹೋಗುವುದಲ್ಲದೆ ಜಿಲ್ಲೆಯ ಜನರಿಗೆ ವ್ಯವಸ್ಥಿತವಾದ ಸಾರಿಗೆ ಸೌಲಭ್ಯಗಳನ್ನು ಕಲ್ಪಿಸಲಿದೆ ಎಂದರು. ಸ್ಯಾಟಲೈಟ್ ಬಸ್ ನಿಲ್ದಾಣಗಳ ನಿರ್ಮಾಣದ ಕುರಿತು ಜಿಲ್ಲಾ ಉಸ್ತುವಾರಿ ಸಚಿವ ಪ್ರಿಯಾಂಕ್ ಖರ್ಗೆ ರವರು ಈಗಾಗಲೇ ಜಿಲ್ಲಾಧಿಕಾರಿಗಳು, ಸಂಬಂಧಿಸಿದ ಅಧಿಕಾರಿಗಳ ಸಭೆ ನಡೆಸಿ ಮಾಹಿತಿ ಪಡೆದುಕೊಂಡಿರುವ ಹಿನ್ನೆಲೆ ಸ್ಯಾಟಲೈಟ್ ಬಸ್ ನಿಲ್ದಾಣಗಳ ನಿರ್ಮಾಣಕ್ಕಾಗಿ ಬೀಜ ನಿಗಮ ನಿಯಮಿತ ಕೊಟನೂರು (ಜೇವರ್ಗಿ ರಸ್ತೆ), ಕೃಷಿ ಮಹಾವಿದ್ಯಾಲಯ (ಆಳಂದ ರಸ್ತೆ), ನಂದಿನಿ ಹಾಲು ಉತ್ಪನ್ನಗಳ ಇಲಾಖೆ, (ಹುಮನಾಬಾದ್ ರಸ್ತೆ), ಕಲಬುರಗಿ ವಿಶ್ವವಿದ್ಯಾಲಯ (ಸೇಡಂ ರಸ್ತೆ) ಈ ನಾಲ್ಕು ಜಾಗಗಳ ಗುರುತು ಮಾಡಲಾಗಿದೆ ಎಂದು ತಿಳಿಸಿದರು. ಈ ಸ್ಥಳಗಳಿಗೆ ಕಲಬುರಗಿ ದಕ್ಷಿಣ ಮತ ಕ್ಷೇತ್ರದ ಶಾಸಕರಾದ ಅಲ್ಲಮಪ್ರಭು ಪಾಟೀಲ ಮತ್ತು ಕೆ.ಕೆ.ಆರ್.ಟಿ.ಸಿ ವ್ಯವಸ್ಥಾಪಕ ನಿರ್ದೇಶಕರಾದ ಡಾ. ಬಿ. ಸುಶೀಲಾ ಅವರ ಜತೆ ಜಂಟಿಯಾಗಿ ವೀಕ್ಷಣೆ ಮಾಡಿದರು. ಈ ಸಂದರ್ಭದಲ್ಲಿ ಅಧಿಕಾರಿ ವರ್ಗ ಉಪಸ್ಥಿತರಿದ್ದರು.
